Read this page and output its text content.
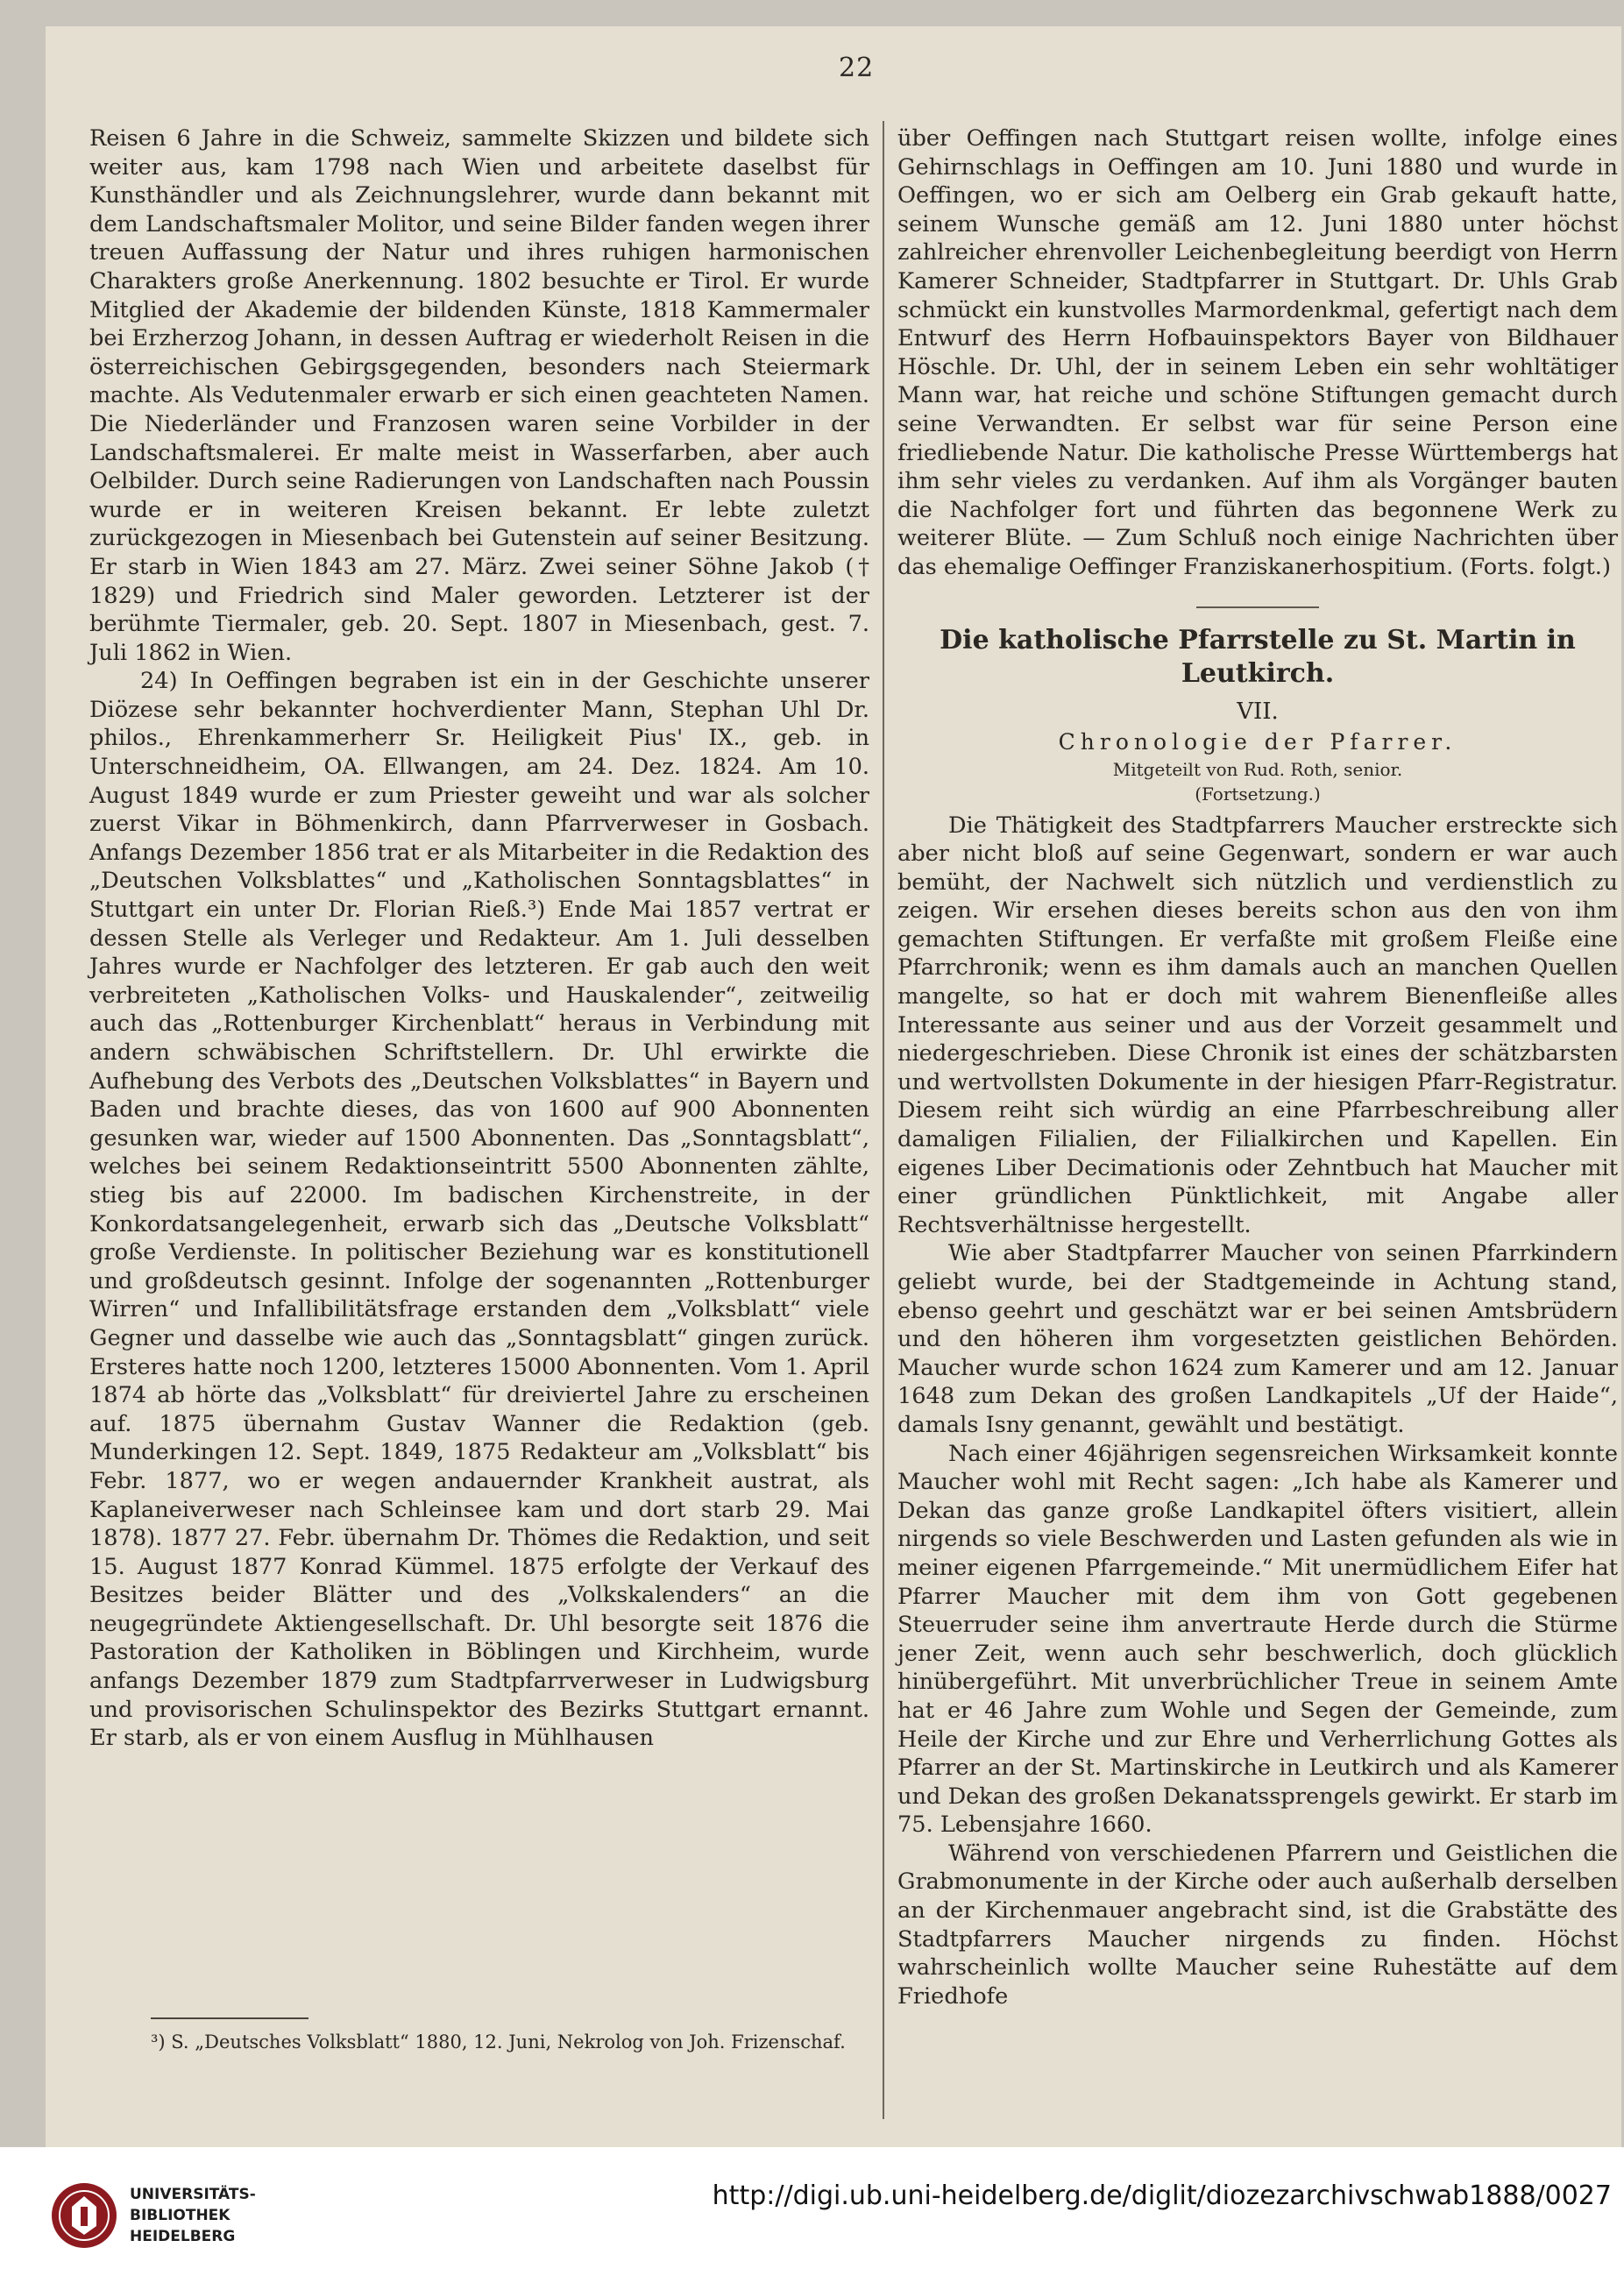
22

Reisen 6 Jahre in die Schweiz, sammelte Skizzen und bildete sich weiter aus, kam 1798 nach Wien und arbeitete daselbst für Kunsthändler und als Zeichnungslehrer, wurde dann bekannt mit dem Landschaftsmaler Molitor, und seine Bilder fanden wegen ihrer treuen Auffassung der Natur und ihres ruhigen harmonischen Charakters große Anerkennung. 1802 besuchte er Tirol. Er wurde Mitglied der Akademie der bildenden Künste, 1818 Kammermaler bei Erzherzog Johann, in dessen Auftrag er wiederholt Reisen in die österreichischen Gebirgsgegenden, besonders nach Steiermark machte. Als Vedutenmaler erwarb er sich einen geachteten Namen. Die Niederländer und Franzosen waren seine Vorbilder in der Landschaftsmalerei. Er malte meist in Wasserfarben, aber auch Oelbilder. Durch seine Radierungen von Landschaften nach Poussin wurde er in weiteren Kreisen bekannt. Er lebte zuletzt zurückgezogen in Miesenbach bei Gutenstein auf seiner Besitzung. Er starb in Wien 1843 am 27. März. Zwei seiner Söhne Jakob († 1829) und Friedrich sind Maler geworden. Letzterer ist der berühmte Tiermaler, geb. 20. Sept. 1807 in Miesenbach, gest. 7. Juli 1862 in Wien.

24) In Oeffingen begraben ist ein in der Geschichte unserer Diözese sehr bekannter hochverdienter Mann, Stephan Uhl Dr. philos., Ehrenkammerherr Sr. Heiligkeit Pius' IX., geb. in Unterschneidheim, OA. Ellwangen, am 24. Dez. 1824. Am 10. August 1849 wurde er zum Priester geweiht und war als solcher zuerst Vikar in Böhmenkirch, dann Pfarrverweser in Gosbach. Anfangs Dezember 1856 trat er als Mitarbeiter in die Redaktion des „Deutschen Volksblattes“ und „Katholischen Sonntagsblattes“ in Stuttgart ein unter Dr. Florian Rieß.³) Ende Mai 1857 vertrat er dessen Stelle als Verleger und Redakteur. Am 1. Juli desselben Jahres wurde er Nachfolger des letzteren. Er gab auch den weit verbreiteten „Katholischen Volks- und Hauskalender“, zeitweilig auch das „Rottenburger Kirchenblatt“ heraus in Verbindung mit andern schwäbischen Schriftstellern. Dr. Uhl erwirkte die Aufhebung des Verbots des „Deutschen Volksblattes“ in Bayern und Baden und brachte dieses, das von 1600 auf 900 Abonnenten gesunken war, wieder auf 1500 Abonnenten. Das „Sonntagsblatt“, welches bei seinem Redaktionseintritt 5500 Abonnenten zählte, stieg bis auf 22000. Im badischen Kirchenstreite, in der Konkordatsangelegenheit, erwarb sich das „Deutsche Volksblatt“ große Verdienste. In politischer Beziehung war es konstitutionell und großdeutsch gesinnt. Infolge der sogenannten „Rottenburger Wirren“ und Infallibilitätsfrage erstanden dem „Volksblatt“ viele Gegner und dasselbe wie auch das „Sonntagsblatt“ gingen zurück. Ersteres hatte noch 1200, letzteres 15000 Abonnenten. Vom 1. April 1874 ab hörte das „Volksblatt“ für dreiviertel Jahre zu erscheinen auf. 1875 übernahm Gustav Wanner die Redaktion (geb. Munderkingen 12. Sept. 1849, 1875 Redakteur am „Volksblatt“ bis Febr. 1877, wo er wegen andauernder Krankheit austrat, als Kaplaneiverweser nach Schleinsee kam und dort starb 29. Mai 1878). 1877 27. Febr. übernahm Dr. Thömes die Redaktion, und seit 15. August 1877 Konrad Kümmel. 1875 erfolgte der Verkauf des Besitzes beider Blätter und des „Volkskalenders“ an die neugegründete Aktiengesellschaft. Dr. Uhl besorgte seit 1876 die Pastoration der Katholiken in Böblingen und Kirchheim, wurde anfangs Dezember 1879 zum Stadtpfarrverweser in Ludwigsburg und provisorischen Schulinspektor des Bezirks Stuttgart ernannt. Er starb, als er von einem Ausflug in Mühlhausen

³) S. „Deutsches Volksblatt“ 1880, 12. Juni, Nekrolog von Joh. Frizenschaf.

über Oeffingen nach Stuttgart reisen wollte, infolge eines Gehirnschlags in Oeffingen am 10. Juni 1880 und wurde in Oeffingen, wo er sich am Oelberg ein Grab gekauft hatte, seinem Wunsche gemäß am 12. Juni 1880 unter höchst zahlreicher ehrenvoller Leichenbegleitung beerdigt von Herrn Kamerer Schneider, Stadtpfarrer in Stuttgart. Dr. Uhls Grab schmückt ein kunstvolles Marmordenkmal, gefertigt nach dem Entwurf des Herrn Hofbauinspektors Bayer von Bildhauer Höschle. Dr. Uhl, der in seinem Leben ein sehr wohltätiger Mann war, hat reiche und schöne Stiftungen gemacht durch seine Verwandten. Er selbst war für seine Person eine friedliebende Natur. Die katholische Presse Württembergs hat ihm sehr vieles zu verdanken. Auf ihm als Vorgänger bauten die Nachfolger fort und führten das begonnene Werk zu weiterer Blüte. — Zum Schluß noch einige Nachrichten über das ehemalige Oeffinger Franziskanerhospitium. (Forts. folgt.)

Die katholische Pfarrstelle zu St. Martin in Leutkirch.
VII.
Chronologie der Pfarrer.
Mitgeteilt von Rud. Roth, senior.
(Fortsetzung.)

Die Thätigkeit des Stadtpfarrers Maucher erstreckte sich aber nicht bloß auf seine Gegenwart, sondern er war auch bemüht, der Nachwelt sich nützlich und verdienstlich zu zeigen. Wir ersehen dieses bereits schon aus den von ihm gemachten Stiftungen. Er verfaßte mit großem Fleiße eine Pfarrchronik; wenn es ihm damals auch an manchen Quellen mangelte, so hat er doch mit wahrem Bienenfleiße alles Interessante aus seiner und aus der Vorzeit gesammelt und niedergeschrieben. Diese Chronik ist eines der schätzbarsten und wertvollsten Dokumente in der hiesigen Pfarr-Registratur. Diesem reiht sich würdig an eine Pfarrbeschreibung aller damaligen Filialien, der Filialkirchen und Kapellen. Ein eigenes Liber Decimationis oder Zehntbuch hat Maucher mit einer gründlichen Pünktlichkeit, mit Angabe aller Rechtsverhältnisse hergestellt.

Wie aber Stadtpfarrer Maucher von seinen Pfarrkindern geliebt wurde, bei der Stadtgemeinde in Achtung stand, ebenso geehrt und geschätzt war er bei seinen Amtsbrüdern und den höheren ihm vorgesetzten geistlichen Behörden. Maucher wurde schon 1624 zum Kamerer und am 12. Januar 1648 zum Dekan des großen Landkapitels „Uf der Haide“, damals Isny genannt, gewählt und bestätigt.

Nach einer 46jährigen segensreichen Wirksamkeit konnte Maucher wohl mit Recht sagen: „Ich habe als Kamerer und Dekan das ganze große Landkapitel öfters visitiert, allein nirgends so viele Beschwerden und Lasten gefunden als wie in meiner eigenen Pfarrgemeinde.“ Mit unermüdlichem Eifer hat Pfarrer Maucher mit dem ihm von Gott gegebenen Steuerruder seine ihm anvertraute Herde durch die Stürme jener Zeit, wenn auch sehr beschwerlich, doch glücklich hinübergeführt. Mit unverbrüchlicher Treue in seinem Amte hat er 46 Jahre zum Wohle und Segen der Gemeinde, zum Heile der Kirche und zur Ehre und Verherrlichung Gottes als Pfarrer an der St. Martinskirche in Leutkirch und als Kamerer und Dekan des großen Dekanatssprengels gewirkt. Er starb im 75. Lebensjahre 1660.

Während von verschiedenen Pfarrern und Geistlichen die Grabmonumente in der Kirche oder auch außerhalb derselben an der Kirchenmauer angebracht sind, ist die Grabstätte des Stadtpfarrers Maucher nirgends zu finden. Höchst wahrscheinlich wollte Maucher seine Ruhestätte auf dem Friedhofe

UNIVERSITÄTS-
BIBLIOTHEK
HEIDELBERG
http://digi.ub.uni-heidelberg.de/diglit/diozezarchivschwab1888/0027
